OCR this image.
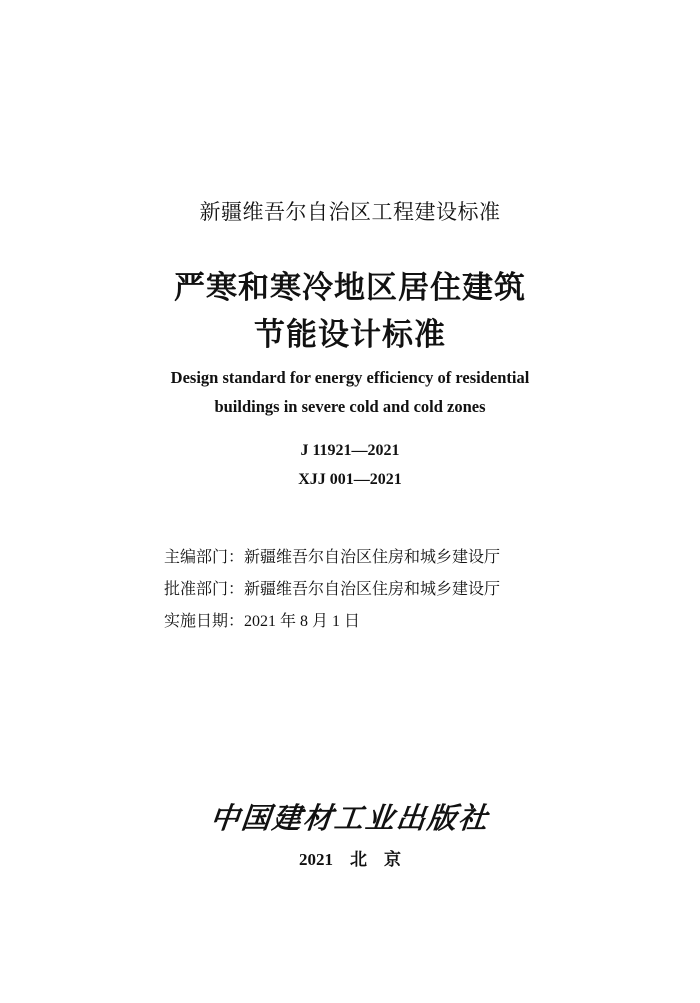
新疆维吾尔自治区工程建设标准
严寒和寒冷地区居住建筑
节能设计标准
Design standard for energy efficiency of residential
buildings in severe cold and cold zones
J 11921—2021
XJJ 001—2021
主编部门：新疆维吾尔自治区住房和城乡建设厅
批准部门：新疆维吾尔自治区住房和城乡建设厅
实施日期：2021 年 8 月 1 日
中国建材工业出版社
2021　北　京
